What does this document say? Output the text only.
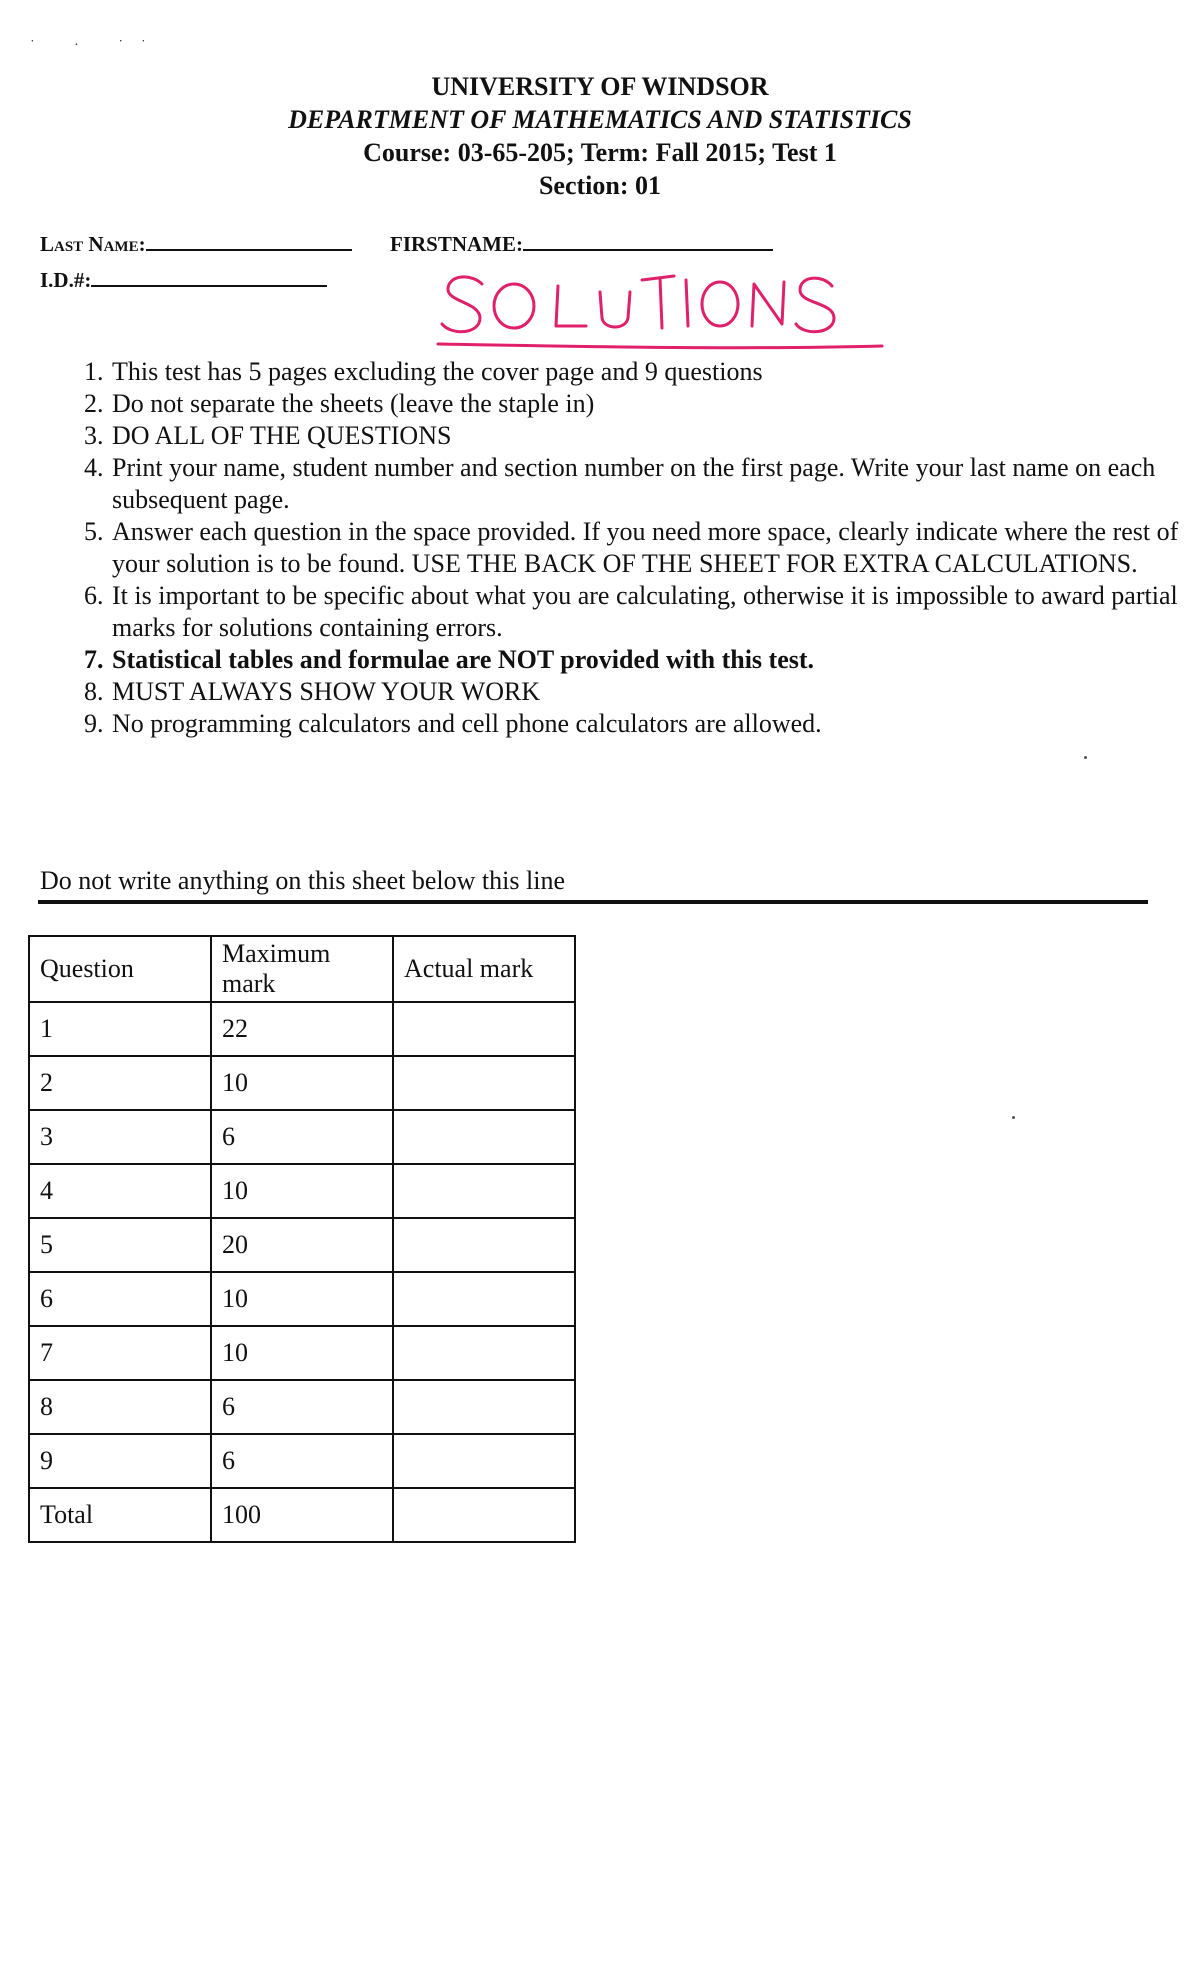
˙ · ˙˙
UNIVERSITY OF WINDSOR
DEPARTMENT OF MATHEMATICS AND STATISTICS
Course: 03-65-205; Term: Fall 2015; Test 1
Section: 01
Last Name:	FIRSTNAME:
I.D.#:
SOLUTIONS
1. This test has 5 pages excluding the cover page and 9 questions
2. Do not separate the sheets (leave the staple in)
3. DO ALL OF THE QUESTIONS
4. Print your name, student number and section number on the first page. Write your last name on each subsequent page.
5. Answer each question in the space provided. If you need more space, clearly indicate where the rest of your solution is to be found. USE THE BACK OF THE SHEET FOR EXTRA CALCULATIONS.
6. It is important to be specific about what you are calculating, otherwise it is impossible to award partial marks for solutions containing errors.
7. Statistical tables and formulae are NOT provided with this test.
8. MUST ALWAYS SHOW YOUR WORK
9. No programming calculators and cell phone calculators are allowed.
Do not write anything on this sheet below this line
Question	Maximum mark	Actual mark
1	22	
2	10	
3	6	
4	10	
5	20	
6	10	
7	10	
8	6	
9	6	
Total	100	
